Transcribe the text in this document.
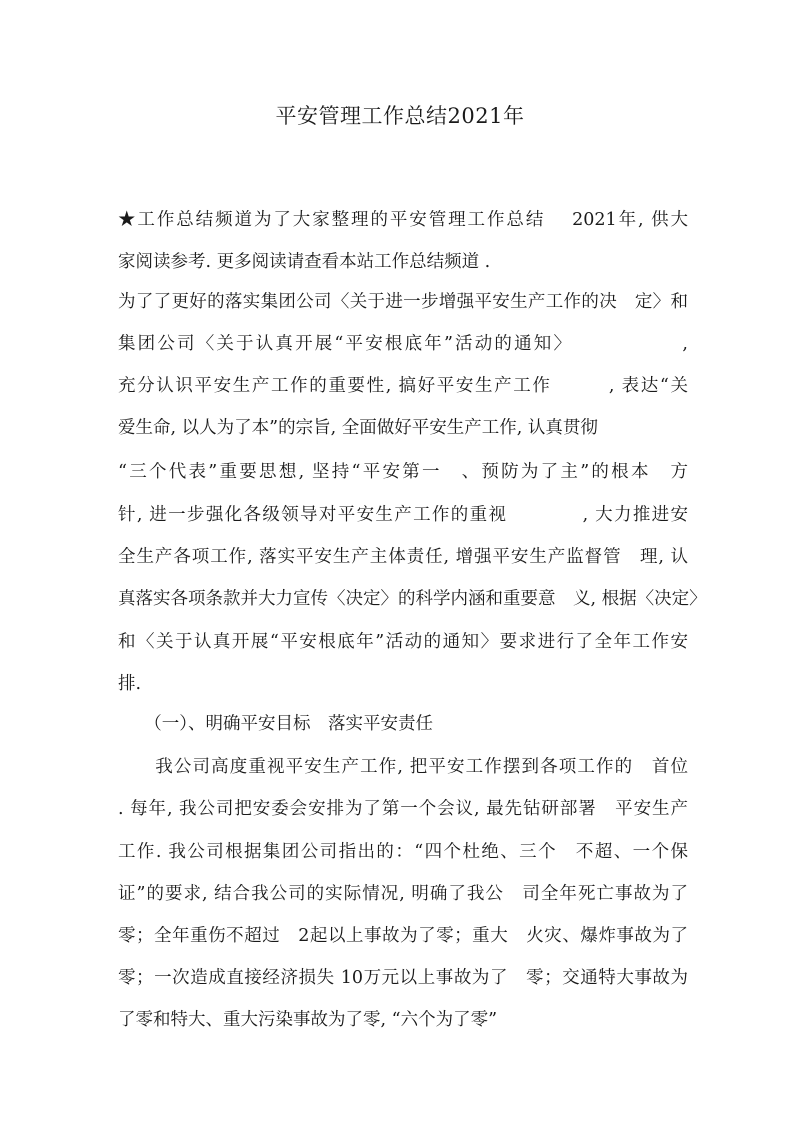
平安管理工作总结2021年
★工作总结频道为了大家整理的平安管理工作总结　 2021年, 供大
家阅读参考. 更多阅读请查看本站工作总结频道 .
为了了更好的落实集团公司〈关于进一步增强平安生产工作的决　定〉和
集团公司〈关于认真开展“平安根底年”活动的通知〉　　　　　　,
充分认识平安生产工作的重要性, 搞好平安生产工作　　　, 表达“关
爱生命, 以人为了本”的宗旨, 全面做好平安生产工作, 认真贯彻
“三个代表”重要思想, 坚持“平安第一　、预防为了主”的根本　方
针, 进一步强化各级领导对平安生产工作的重视　　　　, 大力推进安
全生产各项工作, 落实平安生产主体责任, 增强平安生产监督管　理, 认
真落实各项条款并大力宣传〈决定〉的科学内涵和重要意　义, 根据〈决定〉
和〈关于认真开展“平安根底年”活动的通知〉要求进行了全年工作安
排.
　　（一）、明确平安目标　落实平安责任
　　我公司高度重视平安生产工作, 把平安工作摆到各项工作的　首位
. 每年, 我公司把安委会安排为了第一个会议, 最先钻研部署　平安生产
工作. 我公司根据集团公司指出的：“四个杜绝、三个　不超、一个保
证”的要求, 结合我公司的实际情况, 明确了我公　司全年死亡事故为了
零；全年重伤不超过　2起以上事故为了零；重大　火灾、爆炸事故为了
零；一次造成直接经济损失 10万元以上事故为了　零；交通特大事故为
了零和特大、重大污染事故为了零, “六个为了零”
